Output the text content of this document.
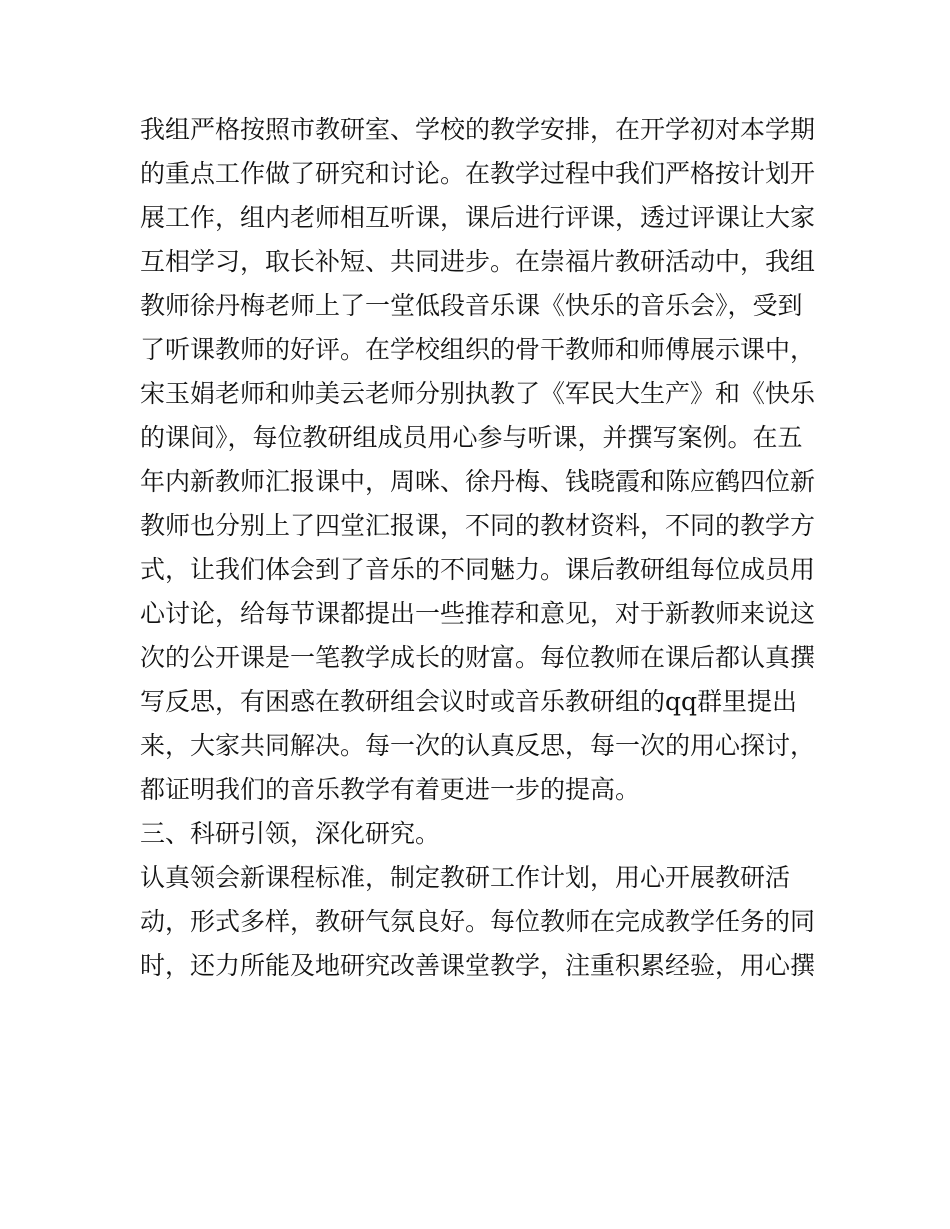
我组严格按照市教研室、学校的教学安排，在开学初对本学期
的重点工作做了研究和讨论。在教学过程中我们严格按计划开
展工作，组内老师相互听课，课后进行评课，透过评课让大家
互相学习，取长补短、共同进步。在崇福片教研活动中，我组
教师徐丹梅老师上了一堂低段音乐课《快乐的音乐会》，受到
了听课教师的好评。在学校组织的骨干教师和师傅展示课中，
宋玉娟老师和帅美云老师分别执教了《军民大生产》和《快乐
的课间》，每位教研组成员用心参与听课，并撰写案例。在五
年内新教师汇报课中，周咪、徐丹梅、钱晓霞和陈应鹤四位新
教师也分别上了四堂汇报课，不同的教材资料，不同的教学方
式，让我们体会到了音乐的不同魅力。课后教研组每位成员用
心讨论，给每节课都提出一些推荐和意见，对于新教师来说这
次的公开课是一笔教学成长的财富。每位教师在课后都认真撰
写反思，有困惑在教研组会议时或音乐教研组的qq群里提出
来，大家共同解决。每一次的认真反思，每一次的用心探讨，
都证明我们的音乐教学有着更进一步的提高。
三、科研引领，深化研究。
认真领会新课程标准，制定教研工作计划，用心开展教研活
动，形式多样，教研气氛良好。每位教师在完成教学任务的同
时，还力所能及地研究改善课堂教学，注重积累经验，用心撰
